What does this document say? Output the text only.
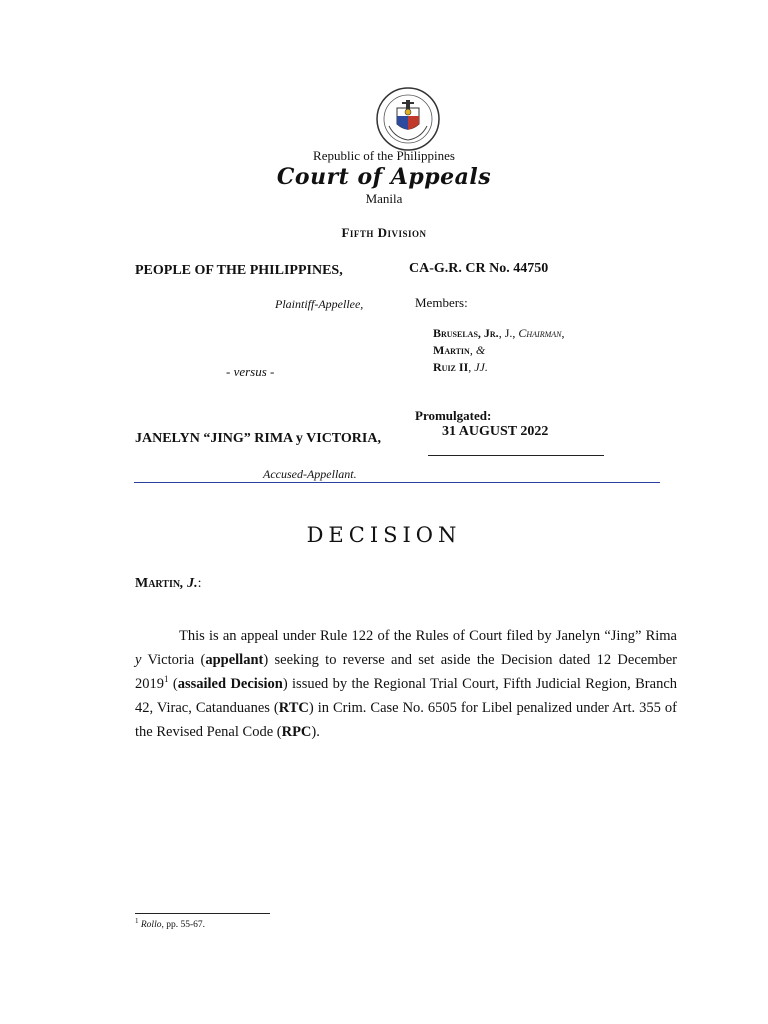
Republic of the Philippines
Court of Appeals
Manila
Fifth Division
PEOPLE OF THE PHILIPPINES,	CA-G.R. CR No. 44750
Plaintiff-Appellee,	Members:
Bruselas, Jr., J., Chairman,
Martin, &
Ruiz II, JJ.
- versus -
Promulgated:
31 AUGUST 2022
JANELYN “JING” RIMA y VICTORIA,
Accused-Appellant.
DECISION
Martin, J.:
This is an appeal under Rule 122 of the Rules of Court filed by Janelyn “Jing” Rima y Victoria (appellant) seeking to reverse and set aside the Decision dated 12 December 2019$^1$ (assailed Decision) issued by the Regional Trial Court, Fifth Judicial Region, Branch 42, Virac, Catanduanes (RTC) in Crim. Case No. 6505 for Libel penalized under Art. 355 of the Revised Penal Code (RPC).
$^1$ Rollo, pp. 55-67.
